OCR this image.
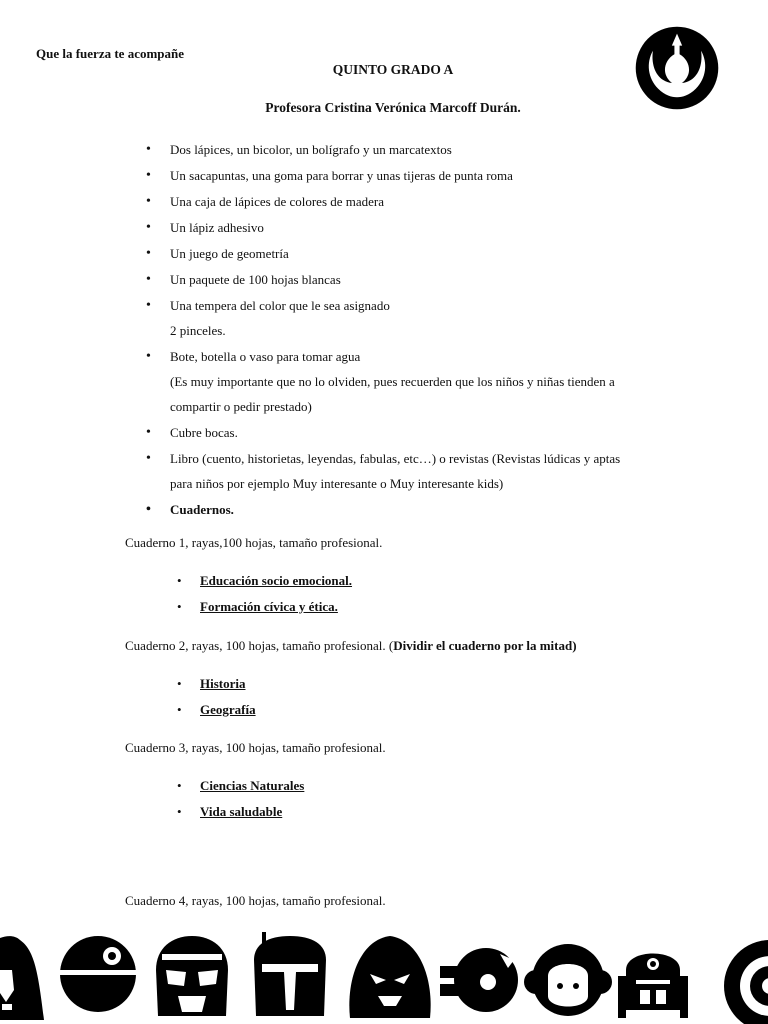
Que la fuerza te acompañe
QUINTO GRADO A
Profesora Cristina Verónica Marcoff Durán.
• Dos lápices, un bicolor, un bolígrafo y un marcatextos
• Un sacapuntas, una goma para borrar y unas tijeras de punta roma
• Una caja de lápices de colores de madera
• Un lápiz adhesivo
• Un juego de geometría
• Un paquete de 100 hojas blancas
• Una tempera del color que le sea asignado
2 pinceles.
• Bote, botella o vaso para tomar agua
(Es muy importante que no lo olviden, pues recuerden que los niños y niñas tienden a
compartir o pedir prestado)
• Cubre bocas.
• Libro (cuento, historietas, leyendas, fabulas, etc…) o revistas (Revistas lúdicas y aptas
para niños por ejemplo Muy interesante o Muy interesante kids)
• Cuadernos.
Cuaderno 1, rayas,100 hojas, tamaño profesional.
• Educación socio emocional.
• Formación cívica y ética.
Cuaderno 2, rayas, 100 hojas, tamaño profesional. (Dividir el cuaderno por la mitad)
• Historia
• Geografía
Cuaderno 3, rayas, 100 hojas, tamaño profesional.
• Ciencias Naturales
• Vida saludable
Cuaderno 4, rayas, 100 hojas, tamaño profesional.
